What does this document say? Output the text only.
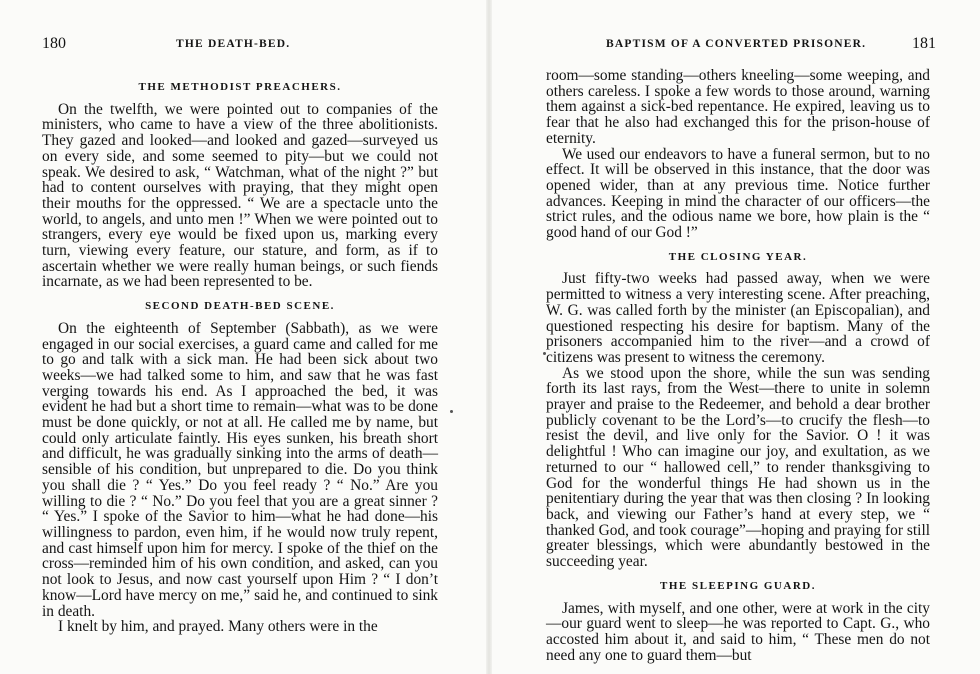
180	THE DEATH-BED.
THE METHODIST PREACHERS.

On the twelfth, we were pointed out to companies of the ministers, who came to have a view of the three abolitionists. They gazed and looked—and looked and gazed—surveyed us on every side, and some seemed to pity—but we could not speak. We desired to ask, “ Watchman, what of the night ?” but had to content ourselves with praying, that they might open their mouths for the oppressed. “ We are a spectacle unto the world, to angels, and unto men !” When we were pointed out to strangers, every eye would be fixed upon us, marking every turn, viewing every feature, our stature, and form, as if to ascertain whether we were really human beings, or such fiends incarnate, as we had been represented to be.

SECOND DEATH-BED SCENE.

On the eighteenth of September (Sabbath), as we were engaged in our social exercises, a guard came and called for me to go and talk with a sick man. He had been sick about two weeks—we had talked some to him, and saw that he was fast verging towards his end. As I approached the bed, it was evident he had but a short time to remain—what was to be done must be done quickly, or not at all. He called me by name, but could only articulate faintly. His eyes sunken, his breath short and difficult, he was gradually sinking into the arms of death—sensible of his condition, but unprepared to die. Do you think you shall die ? “ Yes.” Do you feel ready ? “ No.” Are you willing to die ? “ No.” Do you feel that you are a great sinner ? “ Yes.” I spoke of the Savior to him—what he had done—his willingness to pardon, even him, if he would now truly repent, and cast himself upon him for mercy. I spoke of the thief on the cross—reminded him of his own condition, and asked, can you not look to Jesus, and now cast yourself upon Him ? “ I don’t know—Lord have mercy on me,” said he, and continued to sink in death.

I knelt by him, and prayed. Many others were in the

BAPTISM OF A CONVERTED PRISONER.	181

room—some standing—others kneeling—some weeping, and others careless. I spoke a few words to those around, warning them against a sick-bed repentance. He expired, leaving us to fear that he also had exchanged this for the prison-house of eternity.

We used our endeavors to have a funeral sermon, but to no effect. It will be observed in this instance, that the door was opened wider, than at any previous time. Notice further advances. Keeping in mind the character of our officers—the strict rules, and the odious name we bore, how plain is the “ good hand of our God !”

THE CLOSING YEAR.

Just fifty-two weeks had passed away, when we were permitted to witness a very interesting scene. After preaching, W. G. was called forth by the minister (an Episcopalian), and questioned respecting his desire for baptism. Many of the prisoners accompanied him to the river—and a crowd of citizens was present to witness the ceremony.

As we stood upon the shore, while the sun was sending forth its last rays, from the West—there to unite in solemn prayer and praise to the Redeemer, and behold a dear brother publicly covenant to be the Lord’s—to crucify the flesh—to resist the devil, and live only for the Savior. O ! it was delightful ! Who can imagine our joy, and exultation, as we returned to our “ hallowed cell,” to render thanksgiving to God for the wonderful things He had shown us in the penitentiary during the year that was then closing ? In looking back, and viewing our Father’s hand at every step, we “ thanked God, and took courage”—hoping and praying for still greater blessings, which were abundantly bestowed in the succeeding year.

THE SLEEPING GUARD.

James, with myself, and one other, were at work in the city—our guard went to sleep—he was reported to Capt. G., who accosted him about it, and said to him, “ These men do not need any one to guard them—but
